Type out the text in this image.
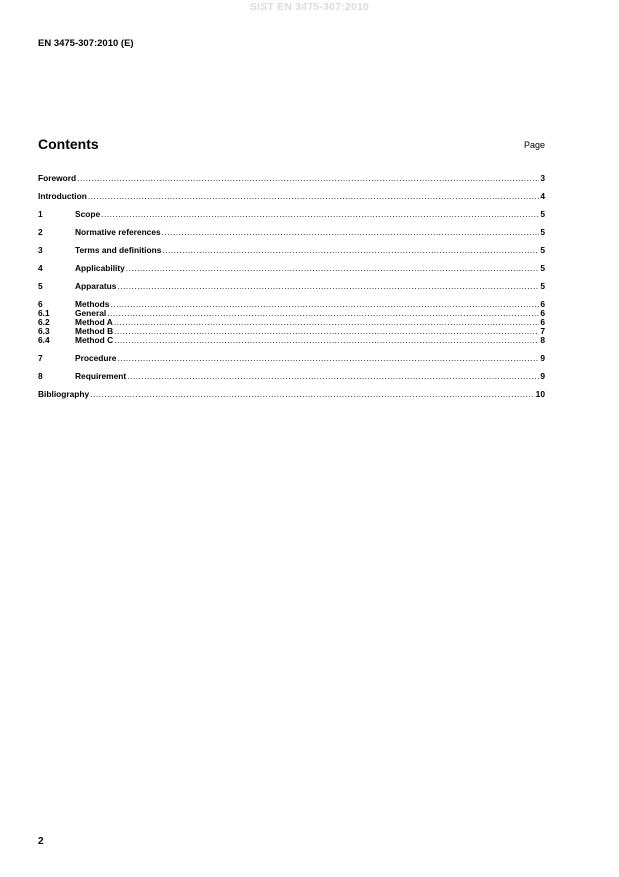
SIST EN 3475-307:2010
EN 3475-307:2010 (E)
Contents	Page
Foreword .....	3
Introduction .....	4
1	Scope .....	5
2	Normative references .....	5
3	Terms and definitions .....	5
4	Applicability .....	5
5	Apparatus .....	5
6	Methods .....	6
6.1	General .....	6
6.2	Method A .....	6
6.3	Method B .....	7
6.4	Method C .....	8
7	Procedure .....	9
8	Requirement .....	9
Bibliography .....	10
2
